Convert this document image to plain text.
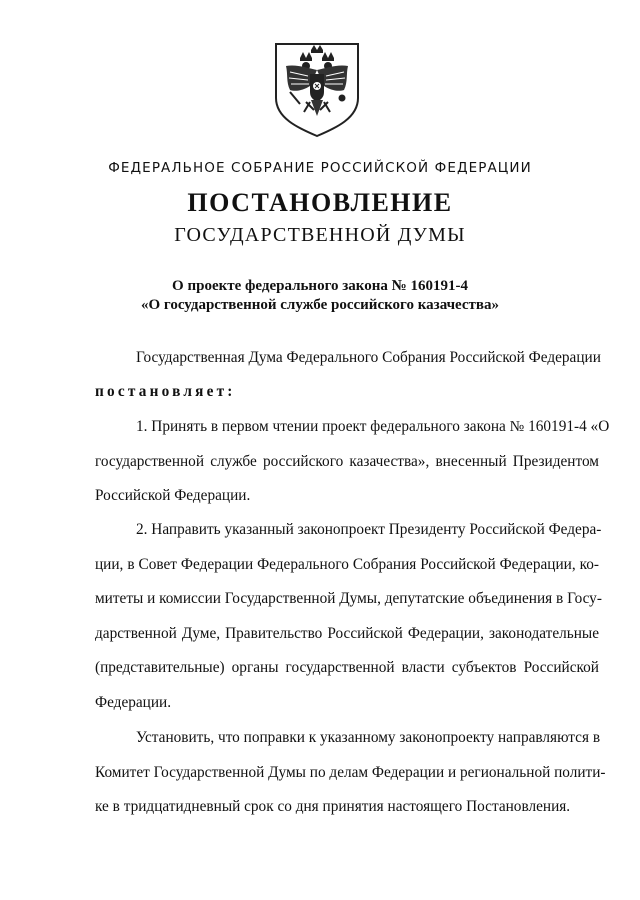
ФЕДЕРАЛЬНОЕ СОБРАНИЕ РОССИЙСКОЙ ФЕДЕРАЦИИ
ПОСТАНОВЛЕНИЕ
ГОСУДАРСТВЕННОЙ ДУМЫ
О проекте федерального закона № 160191-4
«О государственной службе российского казачества»
Государственная Дума Федерального Собрания Российской Федерации
постановляет:
1. Принять в первом чтении проект федерального закона № 160191-4 «О
государственной службе российского казачества», внесенный Президентом
Российской Федерации.
2. Направить указанный законопроект Президенту Российской Федера-
ции, в Совет Федерации Федерального Собрания Российской Федерации, ко-
митеты и комиссии Государственной Думы, депутатские объединения в Госу-
дарственной Думе, Правительство Российской Федерации, законодательные
(представительные) органы государственной власти субъектов Российской
Федерации.
Установить, что поправки к указанному законопроекту направляются в
Комитет Государственной Думы по делам Федерации и региональной полити-
ке в тридцатидневный срок со дня принятия настоящего Постановления.
